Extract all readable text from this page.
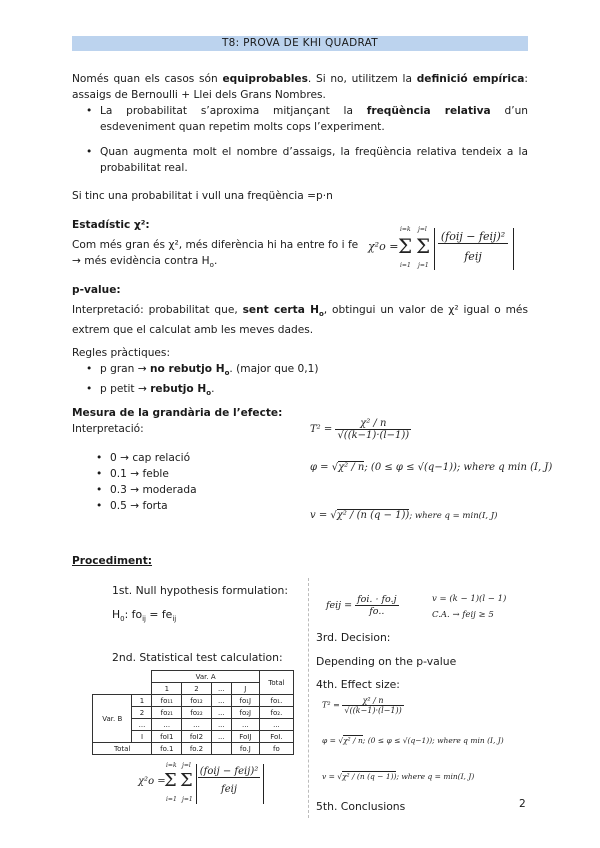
T8: PROVA DE KHI QUADRAT
Només quan els casos són equiprobables. Si no, utilitzem la definició empírica: assaigs de Bernoulli + Llei dels Grans Nombres.
• La probabilitat s’aproxima mitjançant la freqüència relativa d’un esdeveniment quan repetim molts cops l’experiment.
• Quan augmenta molt el nombre d’assaigs, la freqüència relativa tendeix a la probabilitat real.
Si tinc una probabilitat i vull una freqüència =p·n
Estadístic χ²:
Com més gran és χ², més diferència hi ha entre fo i fe → més evidència contra $H_o$.
χ²o =
i=k
Σ
i=1
j=l
Σ
j=1
(foij − feij)²
feij
p-value:
Interpretació: probabilitat que, sent certa $H_o$, obtingui un valor de χ² igual o més extrem que el calculat amb les meves dades.
Regles pràctiques:
• p gran → no rebutjo $H_o$. (major que 0,1)
• p petit → rebutjo $H_o$.
Mesura de la grandària de l’efecte:
Interpretació:
• 0 → cap relació
• 0.1 → feble
• 0.3 → moderada
• 0.5 → forta
$T^2 = \frac{\text{χ² / n}}{√((k-1)\cdot(l-1))}$
φ = √χ² / n; (0 ≤ φ ≤ √(q−1)); where q min (I, J)
v = √χ² / (n (q − 1)); where q = min(I, J)
Procediment:
1st. Null hypothesis formulation:
$H_0$: $fo_{ij} = fe_{ij}$
2nd. Statistical test calculation:
		Var. A				Total
		1	2	...	J	
Var. B	1	fo₁₁	fo₁₂	...	fo₁J	fo₁.
	2	fo₂₁	fo₂₂	...	fo₂J	fo₂.
	...	...	...	...	...	...
	I	foI1	foI2	...	FoIJ	FoI.
Total		fo.1	fo.2		fo.J	fo
χ²o =
i=k
Σ
i=1
j=l
Σ
j=1
(foij − feij)²
feij
feij = $\frac{\text{foi. · fo.j}}{fo..}$	v = (k − 1)(l − 1)
C.A. → feij ≥ 5
3rd. Decision:
Depending on the p-value
4th. Effect size:
$T^2 = \frac{\text{χ² / n}}{√((k-1)\cdot(l-1))}$
φ = √χ² / n; (0 ≤ φ ≤ √(q−1)); where q min (I, J)
v = √χ² / (n (q − 1)); where q = min(I, J)
5th. Conclusions	2
